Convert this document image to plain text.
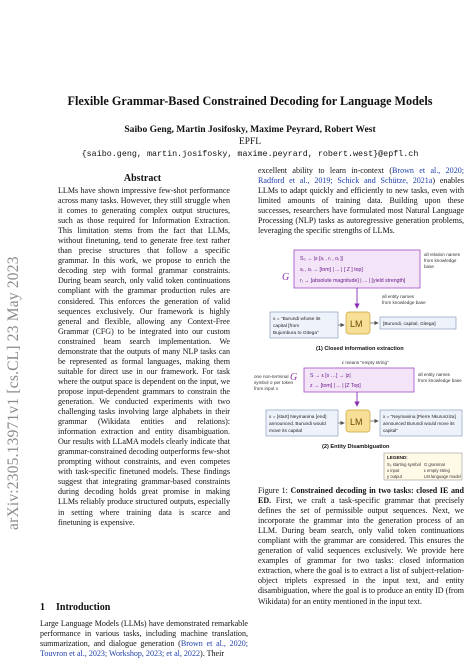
arXiv:2305.13971v1 [cs.CL] 23 May 2023
Flexible Grammar-Based Constrained Decoding for Language Models
Saibo Geng, Martin Josifosky, Maxime Peyrard, Robert West
EPFL
{saibo.geng, martin.josifosky, maxime.peyrard, robert.west}@epfl.ch
Abstract
LLMs have shown impressive few-shot performance across many tasks. However, they still struggle when it comes to generating complex output structures, such as those required for Information Extraction. This limitation stems from the fact that LLMs, without finetuning, tend to generate free text rather than precise structures that follow a specific grammar. In this work, we propose to enrich the decoding step with formal grammar constraints. During beam search, only valid token continuations compliant with the grammar production rules are considered. This enforces the generation of valid sequences exclusively. Our framework is highly general and flexible, allowing any Context-Free Grammar (CFG) to be integrated into our custom constrained beam search implementation. We demonstrate that the outputs of many NLP tasks can be represented as formal languages, making them suitable for direct use in our framework. For task where the output space is dependent on the input, we propose input-dependent grammars to constrain the generation. We conducted experiments with two challenging tasks involving large alphabets in their grammar (Wikidata entities and relations): information extraction and entity disambiguation. Our results with LLaMA models clearly indicate that grammar-constrained decoding outperforms few-shot prompting without constraints, and even competes with task-specific finetuned models. These findings suggest that integrating grammar-based constraints during decoding holds great promise in making LLMs reliably produce structured outputs, especially in setting where training data is scarce and finetuning is expensive.
1 Introduction
Large Language Models (LLMs) have demonstrated remarkable performance in various tasks, including machine translation, summarization, and dialogue generation (Brown et al., 2020; Touvron et al., 2023; Workshop, 2023; et al, 2022). Their
excellent ability to learn in-context (Brown et al., 2020; Radford et al., 2019; Schick and Schütze, 2021a) enables LLMs to adapt quickly and efficiently to new tasks, even with limited amounts of training data. Building upon these successes, researchers have formulated most Natural Language Processing (NLP) tasks as autoregressive generation problems, leveraging the specific strengths of LLMs.
S₀ → |s [sᵢ , rᵢ , oᵢ ]|
sᵢ , oᵢ → [tom] | ... | [ Z ] top]
rᵢ → [absolute magnitude] | ... | [yield strength]
all relation names
from knowledge
base
all entity names
from knowledge base
G
x = "Burundi whose its
capital [from
Bujumbura to Gitega"
LM	[Burundi, capital, Gitega]
(1) Closed information extraction
ε means "empty string"
S → ε [x …] → |z|
z → [tom] | ... | [Z Top]
one non-terminal
symbol σ per token
from input x
all entity names
from knowledge base
G
x = [start] Neymanina [end]
announced. Burundi would
move its capital
LM
x = "Neymanina [Pierre Nkurunziza]
announced Burundi would move its
capital"
(2) Entity Disambiguation
LEGEND:
S₀ starting symbol
x input
y output
G grammar
ε empty string
LM language model
Figure 1: Constrained decoding in two tasks: closed IE and ED. First, we craft a task-specific grammar that precisely defines the set of permissible output sequences. Next, we incorporate the grammar into the generation process of an LLM. During beam search, only valid token continuations compliant with the grammar are considered. This ensures the generation of valid sequences exclusively. We provide here examples of grammar for two tasks: closed information extraction, where the goal is to extract a list of subject-relation-object triplets expressed in the input text, and entity disambiguation, where the goal is to produce an entity ID (from Wikidata) for an entity mentioned in the input text.
